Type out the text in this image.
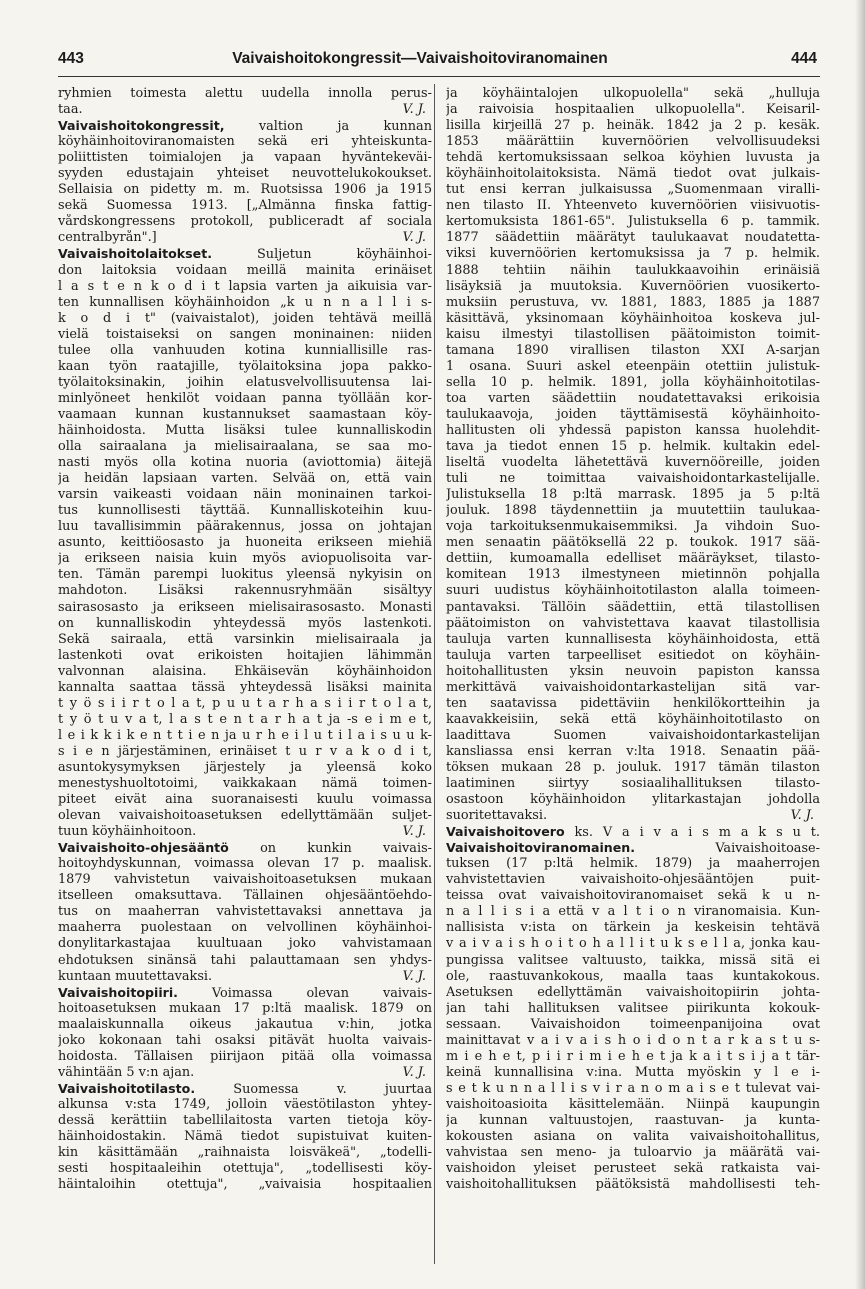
443	Vaivaishoitokongressit—Vaivaishoitoviranomainen	444
ryhmien toimesta alettu uudella innolla perus-
taa.	V. J.
Vaivaishoitokongressit, valtion ja kunnan
köyhäinhoitoviranomaisten sekä eri yhteiskunta-
poliittisten toimialojen ja vapaan hyväntekeväi-
syyden edustajain yhteiset neuvottelukokoukset.
Sellaisia on pidetty m. m. Ruotsissa 1906 ja 1915
sekä Suomessa 1913. [„Almänna finska fattig-
vårdskongressens protokoll, publiceradt af sociala
centralbyrån".]	V. J.
Vaivaishoitolaitokset. Suljetun köyhäinhoi-
don laitoksia voidaan meillä mainita erinäiset
l a s t e n k o d i t lapsia varten ja aikuisia var-
ten kunnallisen köyhäinhoidon „k u n n a l l i s-
k o d i t" (vaivaistalot), joiden tehtävä meillä
vielä toistaiseksi on sangen moninainen: niiden
tulee olla vanhuuden kotina kunniallisille ras-
kaan työn raatajille, työlaitoksina jopa pakko-
työlaitoksinakin, joihin elatusvelvollisuutensa lai-
minlyöneet henkilöt voidaan panna työllään kor-
vaamaan kunnan kustannukset saamastaan köy-
häinhoidosta. Mutta lisäksi tulee kunnalliskodin
olla sairaalana ja mielisairaalana, se saa mo-
nasti myös olla kotina nuoria (aviottomia) äitejä
ja heidän lapsiaan varten. Selvää on, että vain
varsin vaikeasti voidaan näin moninainen tarkoi-
tus kunnollisesti täyttää. Kunnalliskoteihin kuu-
luu tavallisimmin päärakennus, jossa on johtajan
asunto, keittiöosasto ja huoneita erikseen miehiä
ja erikseen naisia kuin myös aviopuolisoita var-
ten. Tämän parempi luokitus yleensä nykyisin on
mahdoton. Lisäksi rakennusryhmään sisältyy
sairasosasto ja erikseen mielisairasosasto. Monasti
on kunnalliskodin yhteydessä myös lastenkoti.
Sekä sairaala, että varsinkin mielisairaala ja
lastenkoti ovat erikoisten hoitajien lähimmän
valvonnan alaisina. Ehkäisevän köyhäinhoidon
kannalta saattaa tässä yhteydessä lisäksi mainita
t y ö s i i r t o l a t, p u u t a r h a s i i r t o l a t,
t y ö t u v a t, l a s t e n t a r h a t ja -s e i m e t,
l e i k k i k e n t t i e n ja u r h e i l u t i l a i s u u k-
s i e n järjestäminen, erinäiset t u r v a k o d i t,
asuntokysymyksen järjestely ja yleensä koko
menestyshuoltotoimi, vaikkakaan nämä toimen-
piteet eivät aina suoranaisesti kuulu voimassa
olevan vaivaishoitoasetuksen edellyttämään suljet-
tuun köyhäinhoitoon.	V. J.
Vaivaishoito-ohjesääntö on kunkin vaivais-
hoitoyhdyskunnan, voimassa olevan 17 p. maalisk.
1879 vahvistetun vaivaishoitoasetuksen mukaan
itselleen omaksuttava. Tällainen ohjesääntöehdo-
tus on maaherran vahvistettavaksi annettava ja
maaherra puolestaan on velvollinen köyhäinhoi-
donylitarkastajaa kuultuaan joko vahvistamaan
ehdotuksen sinänsä tahi palauttamaan sen yhdys-
kuntaan muutettavaksi.	V. J.
Vaivaishoitopiiri. Voimassa olevan vaivais-
hoitoasetuksen mukaan 17 p:ltä maalisk. 1879 on
maalaiskunnalla oikeus jakautua v:hin, jotka
joko kokonaan tahi osaksi pitävät huolta vaivais-
hoidosta. Tällaisen piirijaon pitää olla voimassa
vähintään 5 v:n ajan.	V. J.
Vaivaishoitotilasto. Suomessa v. juurtaa
alkunsa v:sta 1749, jolloin väestötilaston yhtey-
dessä kerättiin tabellilaitosta varten tietoja köy-
häinhoidostakin. Nämä tiedot supistuivat kuiten-
kin käsittämään „raihnaista loisväkeä", „todelli-
sesti hospitaaleihin otettuja", „todellisesti köy-
häintaloihin otettuja", „vaivaisia hospitaalien
ja köyhäintalojen ulkopuolella" sekä „hulluja
ja raivoisia hospitaalien ulkopuolella". Keisaril-
lisilla kirjeillä 27 p. heinäk. 1842 ja 2 p. kesäk.
1853 määrättiin kuvernöörien velvollisuudeksi
tehdä kertomuksissaan selkoa köyhien luvusta ja
köyhäinhoitolaitoksista. Nämä tiedot ovat julkais-
tut ensi kerran julkaisussa „Suomenmaan viralli-
nen tilasto II. Yhteenveto kuvernöörien viisivuotis-
kertomuksista 1861-65". Julistuksella 6 p. tammik.
1877 säädettiin määrätyt taulukaavat noudatetta-
viksi kuvernöörien kertomuksissa ja 7 p. helmik.
1888 tehtiin näihin taulukkaavoihin erinäisiä
lisäyksiä ja muutoksia. Kuvernöörien vuosikerto-
muksiin perustuva, vv. 1881, 1883, 1885 ja 1887
käsittävä, yksinomaan köyhäinhoitoa koskeva jul-
kaisu ilmestyi tilastollisen päätoimiston toimit-
tamana 1890 virallisen tilaston XXI A-sarjan
1 osana. Suuri askel eteenpäin otettiin julistuk-
sella 10 p. helmik. 1891, jolla köyhäinhoitotilas-
toa varten säädettiin noudatettavaksi erikoisia
taulukaavoja, joiden täyttämisestä köyhäinhoito-
hallitusten oli yhdessä papiston kanssa huolehdit-
tava ja tiedot ennen 15 p. helmik. kultakin edel-
liseltä vuodelta lähetettävä kuvernööreille, joiden
tuli ne toimittaa vaivaishoidontarkastelijalle.
Julistuksella 18 p:ltä marrask. 1895 ja 5 p:ltä
jouluk. 1898 täydennettiin ja muutettiin taulukaa-
voja tarkoituksenmukaisemmiksi. Ja vihdoin Suo-
men senaatin päätöksellä 22 p. toukok. 1917 sää-
dettiin, kumoamalla edelliset määräykset, tilasto-
komitean 1913 ilmestyneen mietinnön pohjalla
suuri uudistus köyhäinhoitotilaston alalla toimeen-
pantavaksi. Tällöin säädettiin, että tilastollisen
päätoimiston on vahvistettava kaavat tilastollisia
tauluja varten kunnallisesta köyhäinhoidosta, että
tauluja varten tarpeelliset esitiedot on köyhäin-
hoitohallitusten yksin neuvoin papiston kanssa
merkittävä vaivaishoidontarkastelijan sitä var-
ten saatavissa pidettäviin henkilökortteihin ja
kaavakkeisiin, sekä että köyhäinhoitotilasto on
laadittava Suomen vaivaishoidontarkastelijan
kansliassa ensi kerran v:lta 1918. Senaatin pää-
töksen mukaan 28 p. jouluk. 1917 tämän tilaston
laatiminen siirtyy sosiaalihallituksen tilasto-
osastoon köyhäinhoidon ylitarkastajan johdolla
suoritettavaksi.	V. J.
Vaivaishoitovero ks. V a i v a i s m a k s u t.
Vaivaishoitoviranomainen. Vaivaishoitoase-
tuksen (17 p:ltä helmik. 1879) ja maaherrojen
vahvistettavien vaivaishoito-ohjesääntöjen puit-
teissa ovat vaivaishoitoviranomaiset sekä k u n-
n a l l i s i a että v a l t i o n viranomaisia. Kun-
nallisista v:ista on tärkein ja keskeisin tehtävä
v a i v a i s h o i t o h a l l i t u k s e l l a, jonka kau-
pungissa valitsee valtuusto, taikka, missä sitä ei
ole, raastuvankokous, maalla taas kuntakokous.
Asetuksen edellyttämän vaivaishoitopiirin johta-
jan tahi hallituksen valitsee piirikunta kokouk-
sessaan. Vaivaishoidon toimeenpanijoina ovat
mainittavat v a i v a i s h o i d o n t a r k a s t u s-
m i e h e t, p i i r i m i e h e t ja k a i t s i j a t tär-
keinä kunnallisina v:ina. Mutta myöskin y l e i-
s e t k u n n a l l i s v i r a n o m a i s e t tulevat vai-
vaishoitoasioita käsittelemään. Niinpä kaupungin
ja kunnan valtuustojen, raastuvan- ja kunta-
kokousten asiana on valita vaivaishoitohallitus,
vahvistaa sen meno- ja tuloarvio ja määrätä vai-
vaishoidon yleiset perusteet sekä ratkaista vai-
vaishoitohallituksen päätöksistä mahdollisesti teh-
